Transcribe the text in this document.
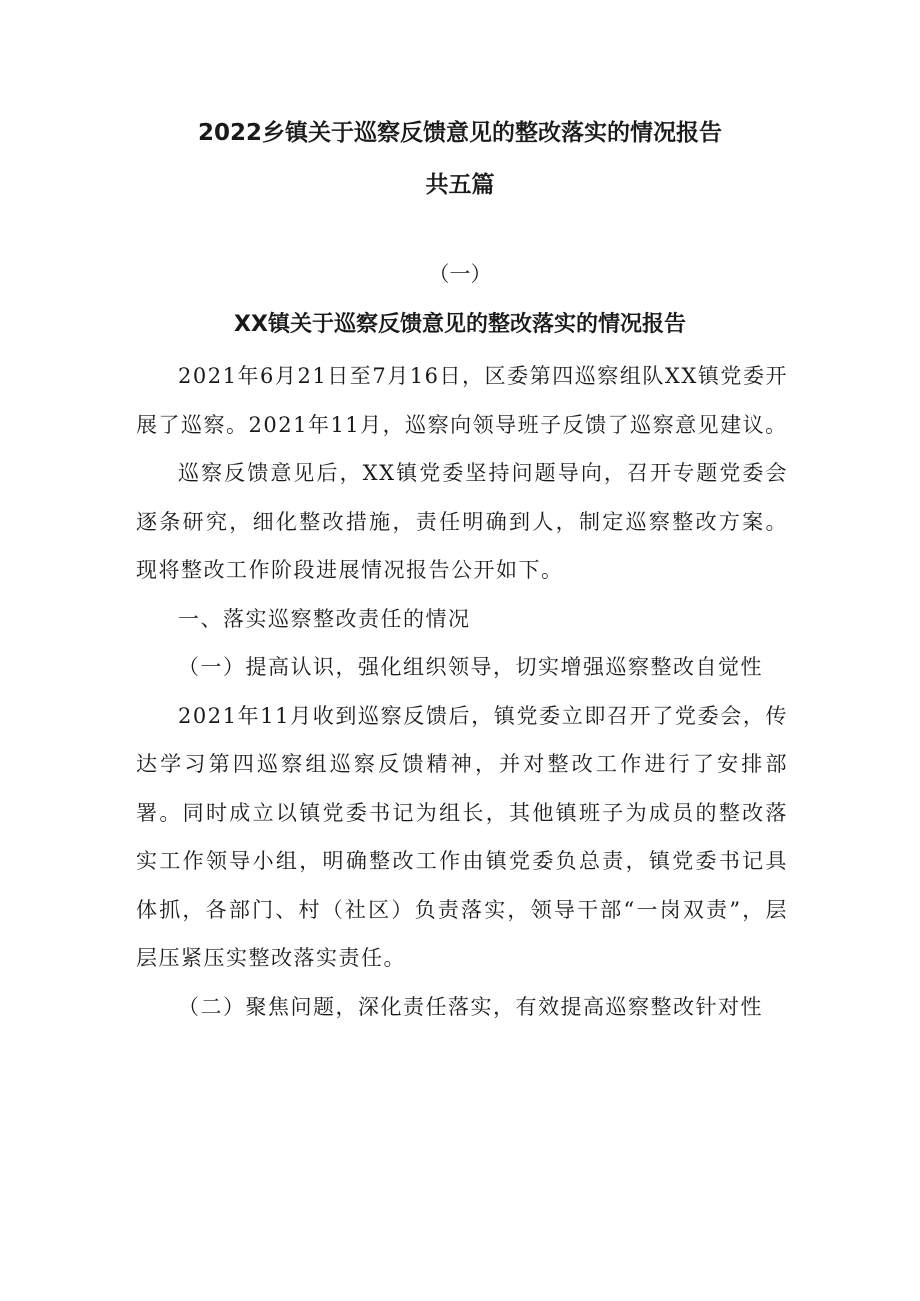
2022乡镇关于巡察反馈意见的整改落实的情况报告
共五篇
（一）
XX镇关于巡察反馈意见的整改落实的情况报告

2021年6月21日至7月16日，区委第四巡察组队XX镇党委开展了巡察。2021年11月，巡察向领导班子反馈了巡察意见建议。

巡察反馈意见后，XX镇党委坚持问题导向，召开专题党委会逐条研究，细化整改措施，责任明确到人，制定巡察整改方案。现将整改工作阶段进展情况报告公开如下。

一、落实巡察整改责任的情况

（一）提高认识，强化组织领导，切实增强巡察整改自觉性

2021年11月收到巡察反馈后，镇党委立即召开了党委会，传达学习第四巡察组巡察反馈精神，并对整改工作进行了安排部署。同时成立以镇党委书记为组长，其他镇班子为成员的整改落实工作领导小组，明确整改工作由镇党委负总责，镇党委书记具体抓，各部门、村（社区）负责落实，领导干部“一岗双责”，层层压紧压实整改落实责任。

（二）聚焦问题，深化责任落实，有效提高巡察整改针对性
